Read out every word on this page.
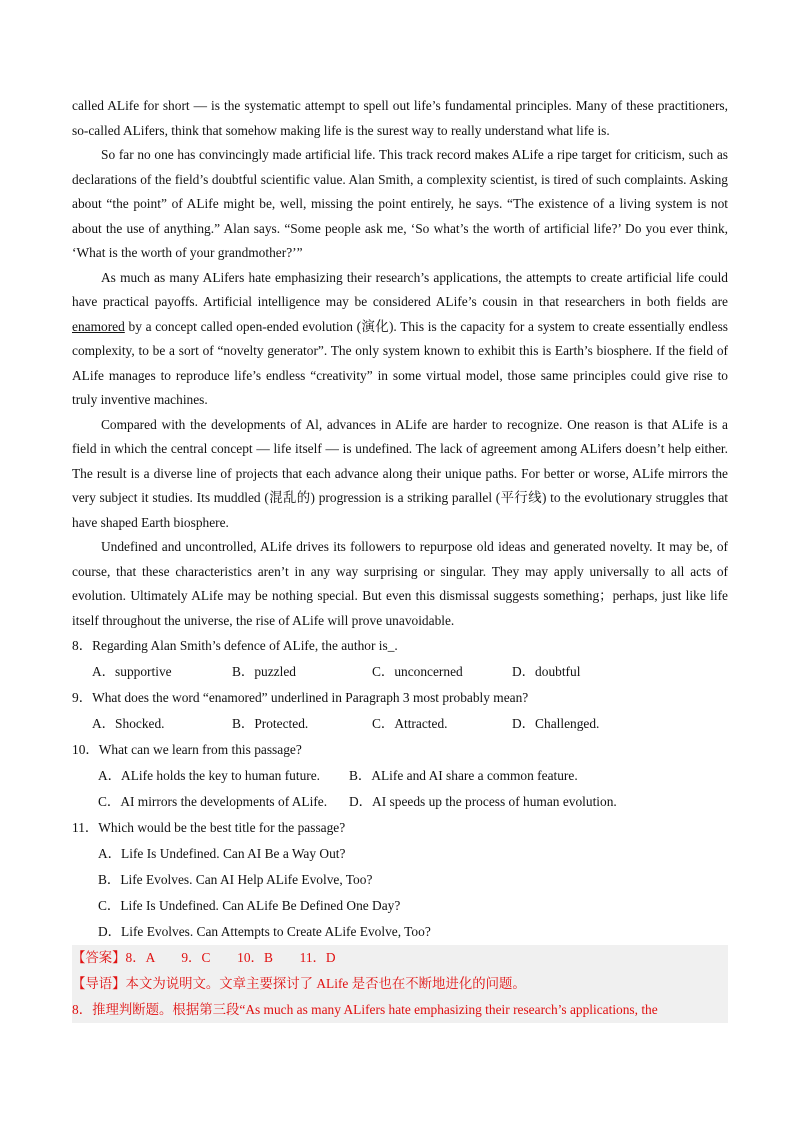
called ALife for short — is the systematic attempt to spell out life’s fundamental principles. Many of these practitioners, so-called ALifers, think that somehow making life is the surest way to really understand what life is.

So far no one has convincingly made artificial life. This track record makes ALife a ripe target for criticism, such as declarations of the field’s doubtful scientific value. Alan Smith, a complexity scientist, is tired of such complaints. Asking about “the point” of ALife might be, well, missing the point entirely, he says. “The existence of a living system is not about the use of anything.” Alan says. “Some people ask me, ‘So what’s the worth of artificial life?’ Do you ever think, ‘What is the worth of your grandmother?’”

As much as many ALifers hate emphasizing their research’s applications, the attempts to create artificial life could have practical payoffs. Artificial intelligence may be considered ALife’s cousin in that researchers in both fields are enamored by a concept called open-ended evolution (演化). This is the capacity for a system to create essentially endless complexity, to be a sort of “novelty generator”. The only system known to exhibit this is Earth’s biosphere. If the field of ALife manages to reproduce life’s endless “creativity” in some virtual model, those same principles could give rise to truly inventive machines.

Compared with the developments of Al, advances in ALife are harder to recognize. One reason is that ALife is a field in which the central concept — life itself — is undefined. The lack of agreement among ALifers doesn’t help either. The result is a diverse line of projects that each advance along their unique paths. For better or worse, ALife mirrors the very subject it studies. Its muddled (混乱的) progression is a striking parallel (平行线) to the evolutionary struggles that have shaped Earth biosphere.

Undefined and uncontrolled, ALife drives its followers to repurpose old ideas and generated novelty. It may be, of course, that these characteristics aren’t in any way surprising or singular. They may apply universally to all acts of evolution. Ultimately ALife may be nothing special. But even this dismissal suggests something；perhaps, just like life itself throughout the universe, the rise of ALife will prove unavoidable.

8．Regarding Alan Smith’s defence of ALife, the author is_.

A．supportive	B．puzzled	C．unconcerned	D．doubtful

9．What does the word “enamored” underlined in Paragraph 3 most probably mean?

A．Shocked.	B．Protected.	C．Attracted.	D．Challenged.

10．What can we learn from this passage?

A．ALife holds the key to human future.	B．ALife and AI share a common feature.
C．AI mirrors the developments of ALife.	D．AI speeds up the process of human evolution.

11．Which would be the best title for the passage?

A．Life Is Undefined. Can AI Be a Way Out?
B．Life Evolves. Can AI Help ALife Evolve, Too?
C．Life Is Undefined. Can ALife Be Defined One Day?
D．Life Evolves. Can Attempts to Create ALife Evolve, Too?

【答案】8．A　　9．C　　10．B　　11．D

【导语】本文为说明文。文章主要探讨了 ALife 是否也在不断地进化的问题。

8．推理判断题。根据第三段“As much as many ALifers hate emphasizing their research’s applications, the
